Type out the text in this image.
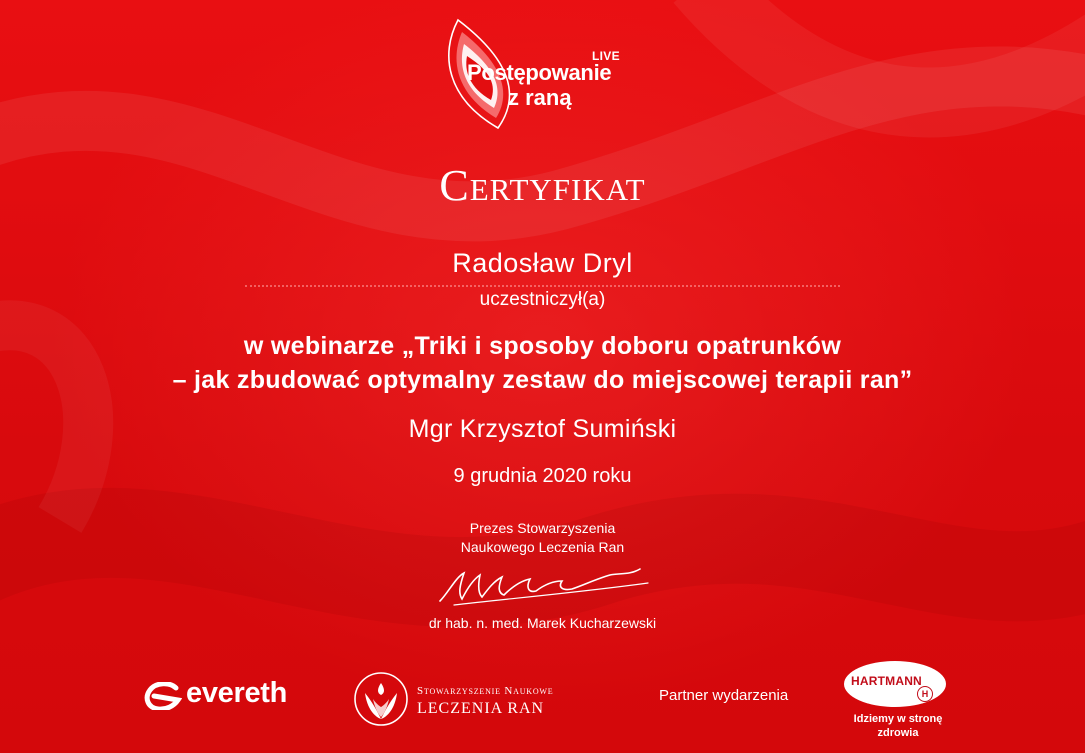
LIVE
Postępowanie
z raną
Certyfikat
Radosław Dryl
uczestniczył(a)
w webinarze „Triki i sposoby doboru opatrunków
– jak zbudować optymalny zestaw do miejscowej terapii ran”
Mgr Krzysztof Sumiński
9 grudnia 2020 roku
Prezes Stowarzyszenia
Naukowego Leczenia Ran
dr hab. n. med. Marek Kucharzewski
evereth	Stowarzyszenie Naukowe
LECZENIA RAN
Partner wydarzenia
HARTMANN
H
Idziemy w stronę
zdrowia
